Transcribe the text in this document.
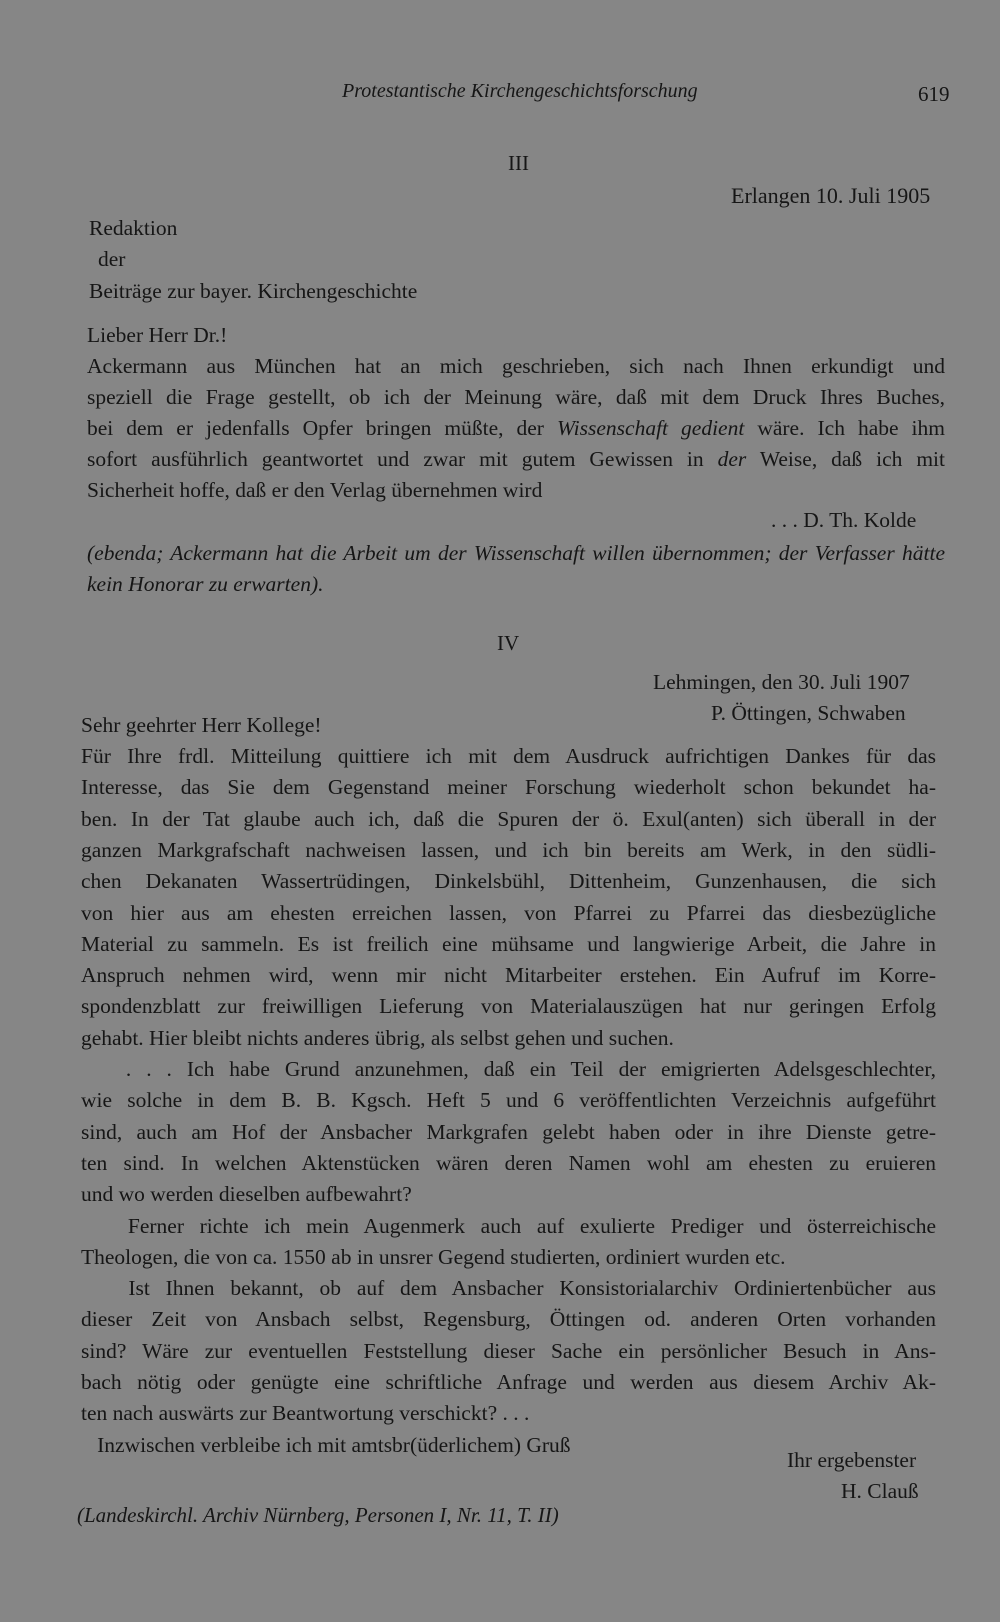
Protestantische Kirchengeschichtsforschung	619
III
Erlangen 10. Juli 1905
Redaktion
der
Beiträge zur bayer. Kirchengeschichte
Lieber Herr Dr.!
Ackermann aus München hat an mich geschrieben, sich nach Ihnen erkundigt und
speziell die Frage gestellt, ob ich der Meinung wäre, daß mit dem Druck Ihres Buches,
bei dem er jedenfalls Opfer bringen müßte, der Wissenschaft gedient wäre. Ich habe ihm
sofort ausführlich geantwortet und zwar mit gutem Gewissen in der Weise, daß ich mit
Sicherheit hoffe, daß er den Verlag übernehmen wird
. . . D. Th. Kolde
(ebenda; Ackermann hat die Arbeit um der Wissenschaft willen übernommen; der Verfasser hätte
kein Honorar zu erwarten).
IV
Lehmingen, den 30. Juli 1907
P. Öttingen, Schwaben
Sehr geehrter Herr Kollege!
Für Ihre frdl. Mitteilung quittiere ich mit dem Ausdruck aufrichtigen Dankes für das
Interesse, das Sie dem Gegenstand meiner Forschung wiederholt schon bekundet ha-
ben. In der Tat glaube auch ich, daß die Spuren der ö. Exul(anten) sich überall in der
ganzen Markgrafschaft nachweisen lassen, und ich bin bereits am Werk, in den südli-
chen Dekanaten Wassertrüdingen, Dinkelsbühl, Dittenheim, Gunzenhausen, die sich
von hier aus am ehesten erreichen lassen, von Pfarrei zu Pfarrei das diesbezügliche
Material zu sammeln. Es ist freilich eine mühsame und langwierige Arbeit, die Jahre in
Anspruch nehmen wird, wenn mir nicht Mitarbeiter erstehen. Ein Aufruf im Korre-
spondenzblatt zur freiwilligen Lieferung von Materialauszügen hat nur geringen Erfolg
gehabt. Hier bleibt nichts anderes übrig, als selbst gehen und suchen.
. . . Ich habe Grund anzunehmen, daß ein Teil der emigrierten Adelsgeschlechter,
wie solche in dem B. B. Kgsch. Heft 5 und 6 veröffentlichten Verzeichnis aufgeführt
sind, auch am Hof der Ansbacher Markgrafen gelebt haben oder in ihre Dienste getre-
ten sind. In welchen Aktenstücken wären deren Namen wohl am ehesten zu eruieren
und wo werden dieselben aufbewahrt?
Ferner richte ich mein Augenmerk auch auf exulierte Prediger und österreichische
Theologen, die von ca. 1550 ab in unsrer Gegend studierten, ordiniert wurden etc.
Ist Ihnen bekannt, ob auf dem Ansbacher Konsistorialarchiv Ordiniertenbücher aus
dieser Zeit von Ansbach selbst, Regensburg, Öttingen od. anderen Orten vorhanden
sind? Wäre zur eventuellen Feststellung dieser Sache ein persönlicher Besuch in Ans-
bach nötig oder genügte eine schriftliche Anfrage und werden aus diesem Archiv Ak-
ten nach auswärts zur Beantwortung verschickt? . . .
Inzwischen verbleibe ich mit amtsbr(üderlichem) Gruß
Ihr ergebenster
H. Clauß
(Landeskirchl. Archiv Nürnberg, Personen I, Nr. 11, T. II)
